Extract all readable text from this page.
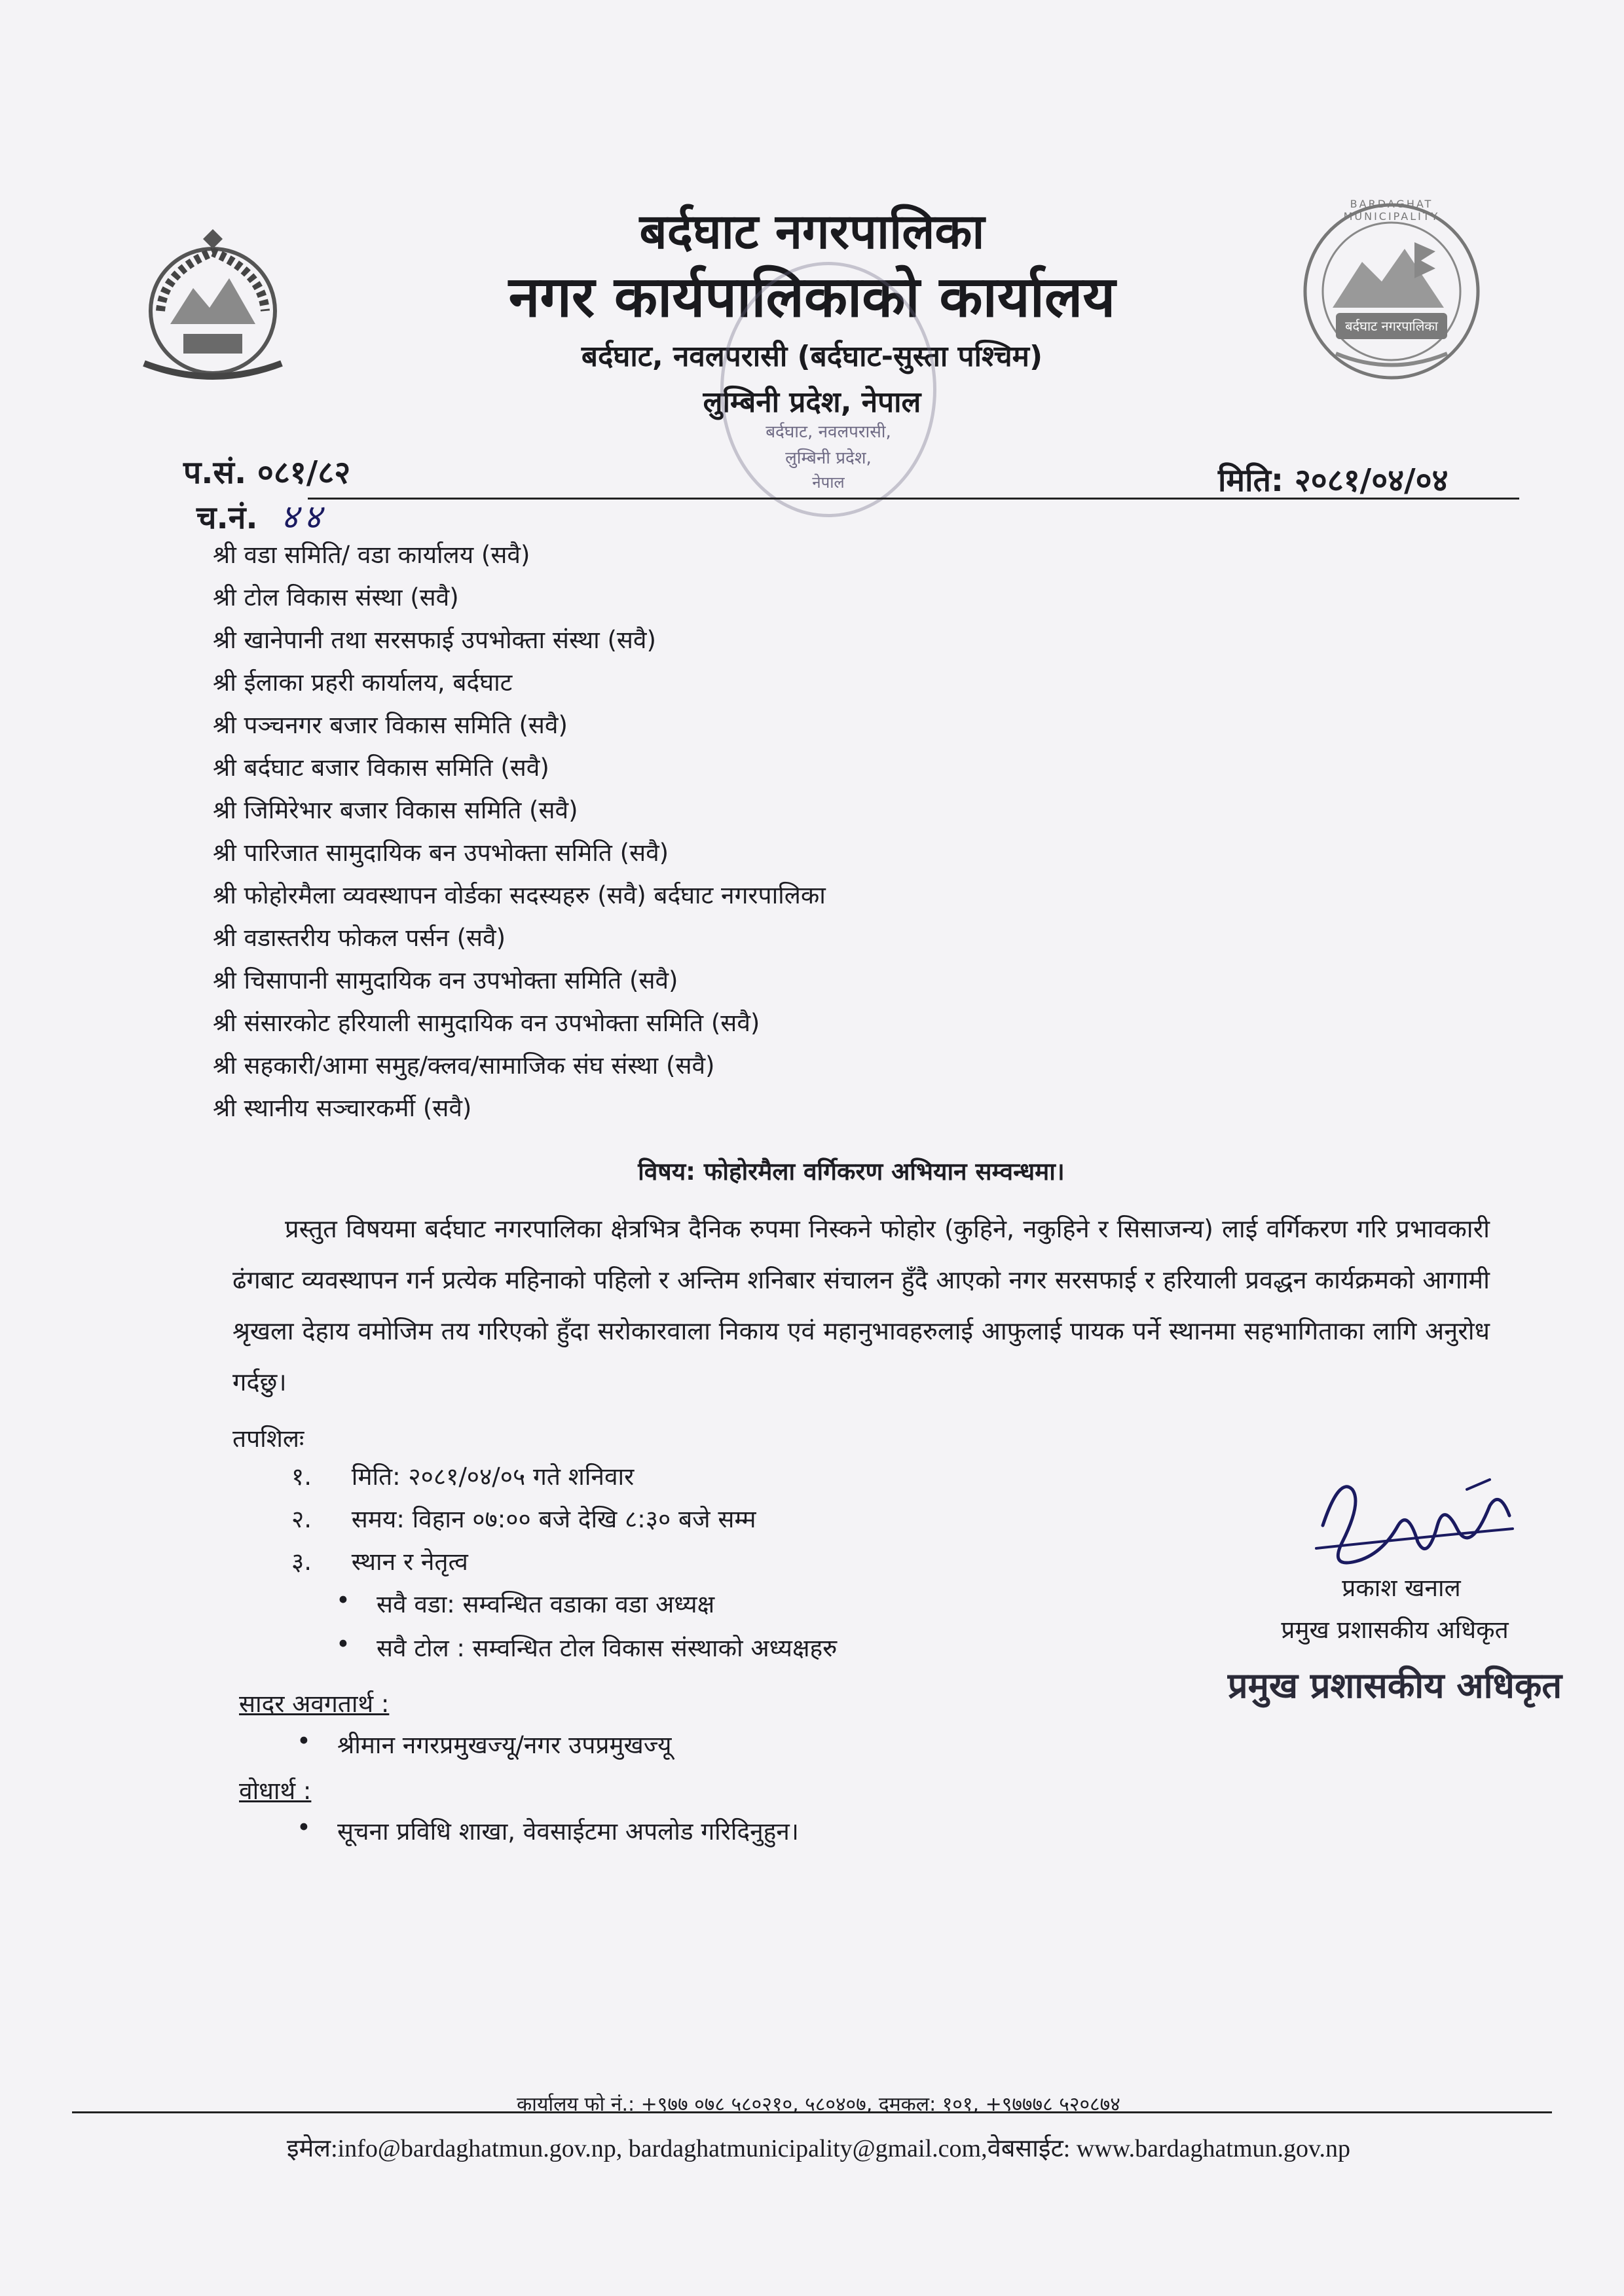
BARDAGHAT MUNICIPALITY
बर्दघाट नगरपालिका
बर्दघाट नगरपालिका
नगर कार्यपालिकाको कार्यालय
बर्दघाट, नवलपरासी (बर्दघाट-सुस्ता पश्चिम)
लुम्बिनी प्रदेश, नेपाल
बर्दघाट, नवलपरासी,
लुम्बिनी प्रदेश,
नेपाल
प.सं. ०८१/८२
च.नं. ४४
मिति: २०८१/०४/०४
श्री वडा समिति/ वडा कार्यालय (सवै)
श्री टोल विकास संस्था (सवै)
श्री खानेपानी तथा सरसफाई उपभोक्ता संस्था (सवै)
श्री ईलाका प्रहरी कार्यालय, बर्दघाट
श्री पञ्चनगर बजार विकास समिति (सवै)
श्री बर्दघाट बजार विकास समिति (सवै)
श्री जिमिरेभार बजार विकास समिति (सवै)
श्री पारिजात सामुदायिक बन उपभोक्ता समिति (सवै)
श्री फोहोरमैला व्यवस्थापन वोर्डका सदस्यहरु (सवै) बर्दघाट नगरपालिका
श्री वडास्तरीय फोकल पर्सन (सवै)
श्री चिसापानी सामुदायिक वन उपभोक्ता समिति (सवै)
श्री संसारकोट हरियाली सामुदायिक वन उपभोक्ता समिति (सवै)
श्री सहकारी/आमा समुह/क्लव/सामाजिक संघ संस्था (सवै)
श्री स्थानीय सञ्चारकर्मी (सवै)
विषय: फोहोरमैला वर्गिकरण अभियान सम्वन्धमा।
प्रस्तुत विषयमा बर्दघाट नगरपालिका क्षेत्रभित्र दैनिक रुपमा निस्कने फोहोर (कुहिने, नकुहिने र सिसाजन्य) लाई वर्गिकरण गरि प्रभावकारी ढंगबाट व्यवस्थापन गर्न प्रत्येक महिनाको पहिलो र अन्तिम शनिबार संचालन हुँदै आएको नगर सरसफाई र हरियाली प्रवद्धन कार्यक्रमको आगामी श्रृखला देहाय वमोजिम तय गरिएको हुँदा सरोकारवाला निकाय एवं महानुभावहरुलाई आफुलाई पायक पर्ने स्थानमा सहभागिताका लागि अनुरोध गर्दछु।
तपशिलः
१. मिति: २०८१/०४/०५ गते शनिवार
२. समय: विहान ०७:०० बजे देखि ८:३० बजे सम्म
३. स्थान र नेतृत्व
• सवै वडा: सम्वन्धित वडाका वडा अध्यक्ष
• सवै टोल : सम्वन्धित टोल विकास संस्थाको अध्यक्षहरु
सादर अवगतार्थ :
• श्रीमान नगरप्रमुखज्यू/नगर उपप्रमुखज्यू
वोधार्थ :
• सूचना प्रविधि शाखा, वेवसाईटमा अपलोड गरिदिनुहुन।
प्रकाश खनाल
प्रमुख प्रशासकीय अधिकृत
प्रमुख प्रशासकीय अधिकृत
कार्यालय फो नं.: +९७७ ०७८ ५८०२१०, ५८०४०७, दमकल: १०१, +९७७७८ ५२०८७४
इमेल:info@bardaghatmun.gov.np, bardaghatmunicipality@gmail.com,वेबसाईट: www.bardaghatmun.gov.np
